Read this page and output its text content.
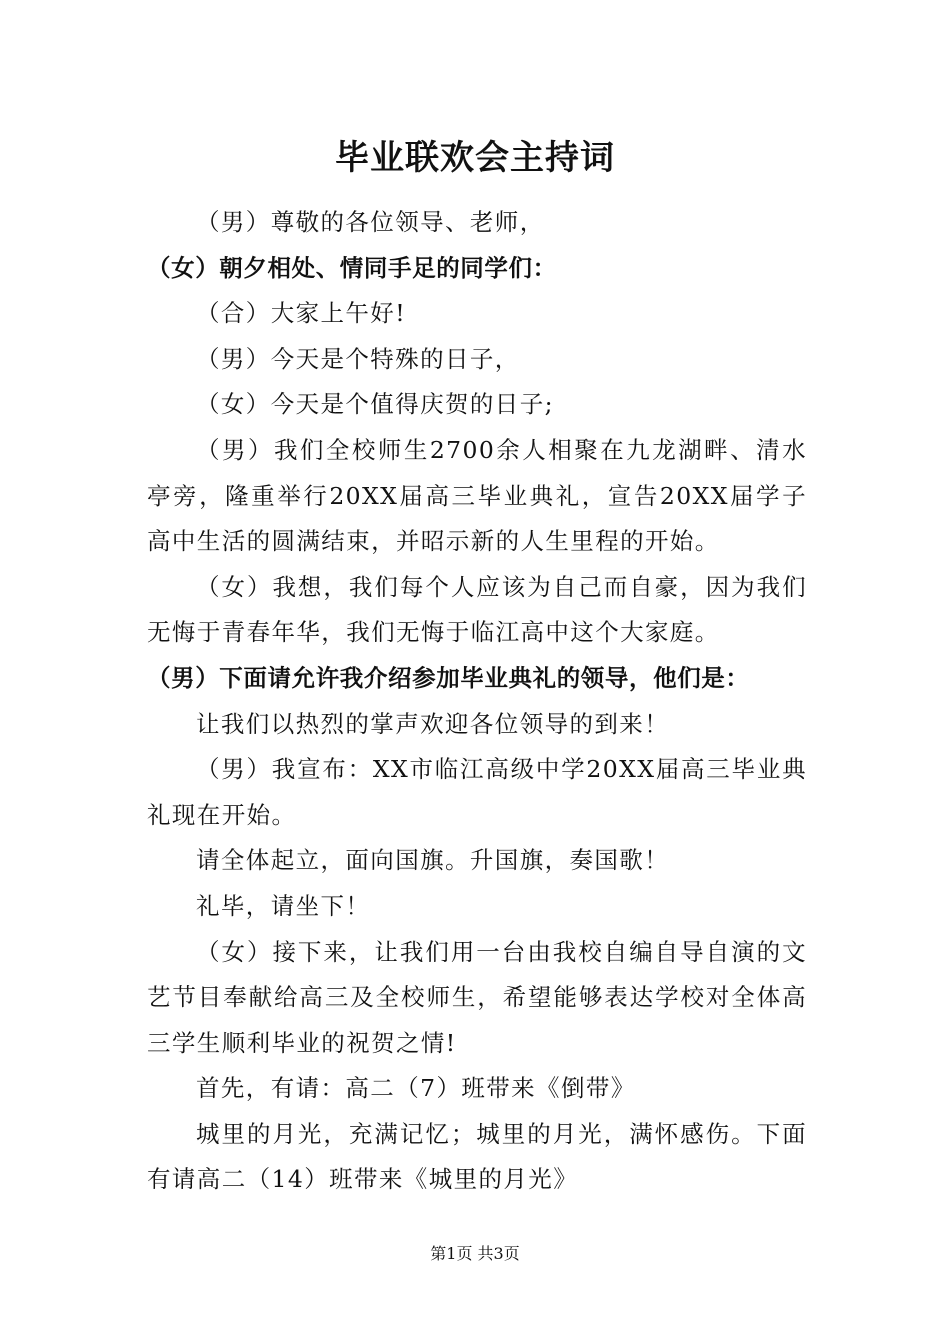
毕业联欢会主持词

（男）尊敬的各位领导、老师，

（女）朝夕相处、情同手足的同学们：

（合）大家上午好!

（男）今天是个特殊的日子，

（女）今天是个值得庆贺的日子;

（男）我们全校师生2700余人相聚在九龙湖畔、清水亭旁，隆重举行20XX届高三毕业典礼，宣告20XX届学子高中生活的圆满结束，并昭示新的人生里程的开始。

（女）我想，我们每个人应该为自己而自豪，因为我们无悔于青春年华，我们无悔于临江高中这个大家庭。

（男）下面请允许我介绍参加毕业典礼的领导，他们是：

让我们以热烈的掌声欢迎各位领导的到来！

（男）我宣布：XX市临江高级中学20XX届高三毕业典礼现在开始。

请全体起立，面向国旗。升国旗，奏国歌！

礼毕，请坐下！

（女）接下来，让我们用一台由我校自编自导自演的文艺节目奉献给高三及全校师生，希望能够表达学校对全体高三学生顺利毕业的祝贺之情!

首先，有请：高二（7）班带来《倒带》

城里的月光，充满记忆；城里的月光，满怀感伤。下面有请高二（14）班带来《城里的月光》

第1页 共3页
